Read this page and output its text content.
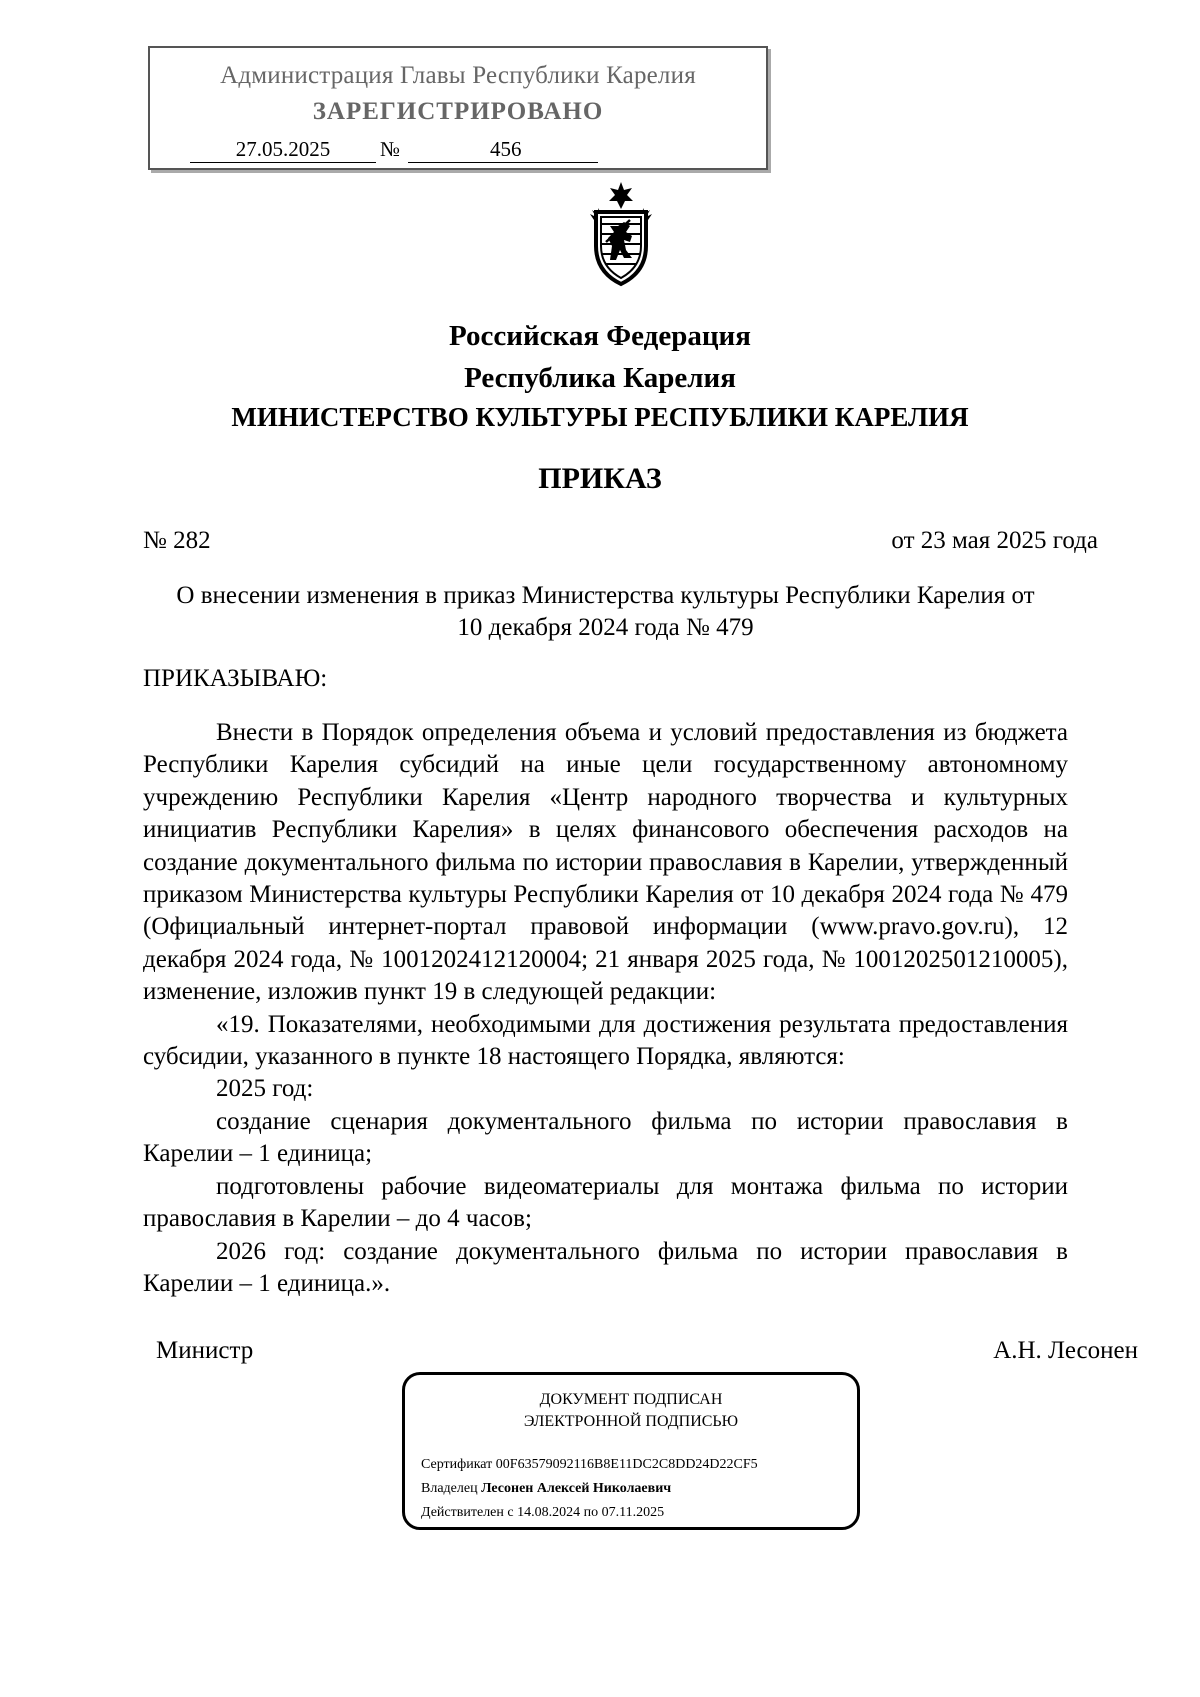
Администрация Главы Республики Карелия
ЗАРЕГИСТРИРОВАНО
27.05.2025	№	456
Российская Федерация
Республика Карелия
МИНИСТЕРСТВО КУЛЬТУРЫ РЕСПУБЛИКИ КАРЕЛИЯ
ПРИКАЗ
№ 282	от 23 мая 2025 года
О внесении изменения в приказ Министерства культуры Республики Карелия от
10 декабря 2024 года № 479
ПРИКАЗЫВАЮ:

Внести в Порядок определения объема и условий предоставления из бюджета Республики Карелия субсидий на иные цели государственному автономному учреждению Республики Карелия «Центр народного творчества и культурных инициатив Республики Карелия» в целях финансового обеспечения расходов на создание документального фильма по истории православия в Карелии, утвержденный приказом Министерства культуры Республики Карелия от 10 декабря 2024 года № 479 (Официальный интернет-портал правовой информации (www.pravo.gov.ru), 12 декабря 2024 года, № 1001202412120004; 21 января 2025 года, № 1001202501210005), изменение, изложив пункт 19 в следующей редакции:

«19. Показателями, необходимыми для достижения результата предоставления субсидии, указанного в пункте 18 настоящего Порядка, являются:

2025 год:

создание сценария документального фильма по истории православия в Карелии – 1 единица;

подготовлены рабочие видеоматериалы для монтажа фильма по истории православия в Карелии – до 4 часов;

2026 год: создание документального фильма по истории православия в Карелии – 1 единица.».

Министр	А.Н. Лесонен
ДОКУМЕНТ ПОДПИСАН
ЭЛЕКТРОННОЙ ПОДПИСЬЮ
Сертификат 00F63579092116B8E11DC2C8DD24D22CF5
Владелец Лесонен Алексей Николаевич
Действителен с 14.08.2024 по 07.11.2025
